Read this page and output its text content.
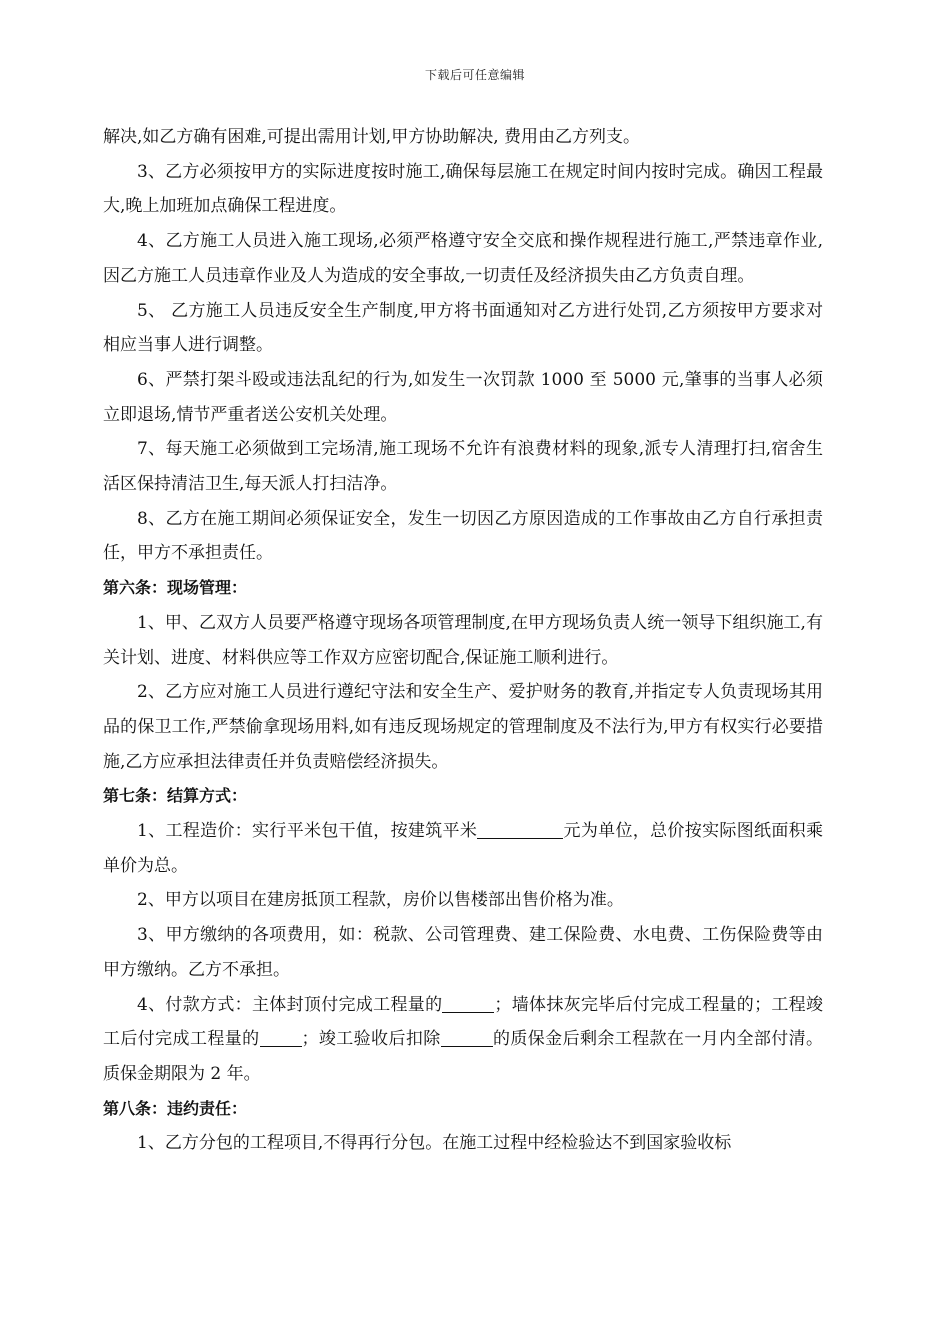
下载后可任意编辑

解决,如乙方确有困难,可提出需用计划,甲方协助解决, 费用由乙方列支。

3、乙方必须按甲方的实际进度按时施工,确保每层施工在规定时间内按时完成。确因工程最大,晚上加班加点确保工程进度。

4、乙方施工人员进入施工现场,必须严格遵守安全交底和操作规程进行施工,严禁违章作业,因乙方施工人员违章作业及人为造成的安全事故,一切责任及经济损失由乙方负责自理。

5、 乙方施工人员违反安全生产制度,甲方将书面通知对乙方进行处罚,乙方须按甲方要求对相应当事人进行调整。

6、严禁打架斗殴或违法乱纪的行为,如发生一次罚款 1000 至 5000 元,肇事的当事人必须立即退场,情节严重者送公安机关处理。

7、每天施工必须做到工完场清,施工现场不允许有浪费材料的现象,派专人清理打扫,宿舍生活区保持清洁卫生,每天派人打扫洁净。

8、乙方在施工期间必须保证安全，发生一切因乙方原因造成的工作事故由乙方自行承担责任，甲方不承担责任。

第六条：现场管理：

1、甲、乙双方人员要严格遵守现场各项管理制度,在甲方现场负责人统一领导下组织施工,有关计划、进度、材料供应等工作双方应密切配合,保证施工顺利进行。

2、乙方应对施工人员进行遵纪守法和安全生产、爱护财务的教育,并指定专人负责现场其用品的保卫工作,严禁偷拿现场用料,如有违反现场规定的管理制度及不法行为,甲方有权实行必要措施,乙方应承担法律责任并负责赔偿经济损失。

第七条：结算方式：

1、工程造价：实行平米包干值，按建筑平米	元为单位，总价按实际图纸面积乘单价为总。

2、甲方以项目在建房抵顶工程款，房价以售楼部出售价格为准。

3、甲方缴纳的各项费用，如：税款、公司管理费、建工保险费、水电费、工伤保险费等由甲方缴纳。乙方不承担。

4、付款方式：主体封顶付完成工程量的	；墙体抹灰完毕后付完成工程量的；工程竣工后付完成工程量的 ；竣工验收后扣除	的质保金后剩余工程款在一月内全部付清。质保金期限为 2 年。

第八条：违约责任：

1、乙方分包的工程项目,不得再行分包。在施工过程中经检验达不到国家验收标
